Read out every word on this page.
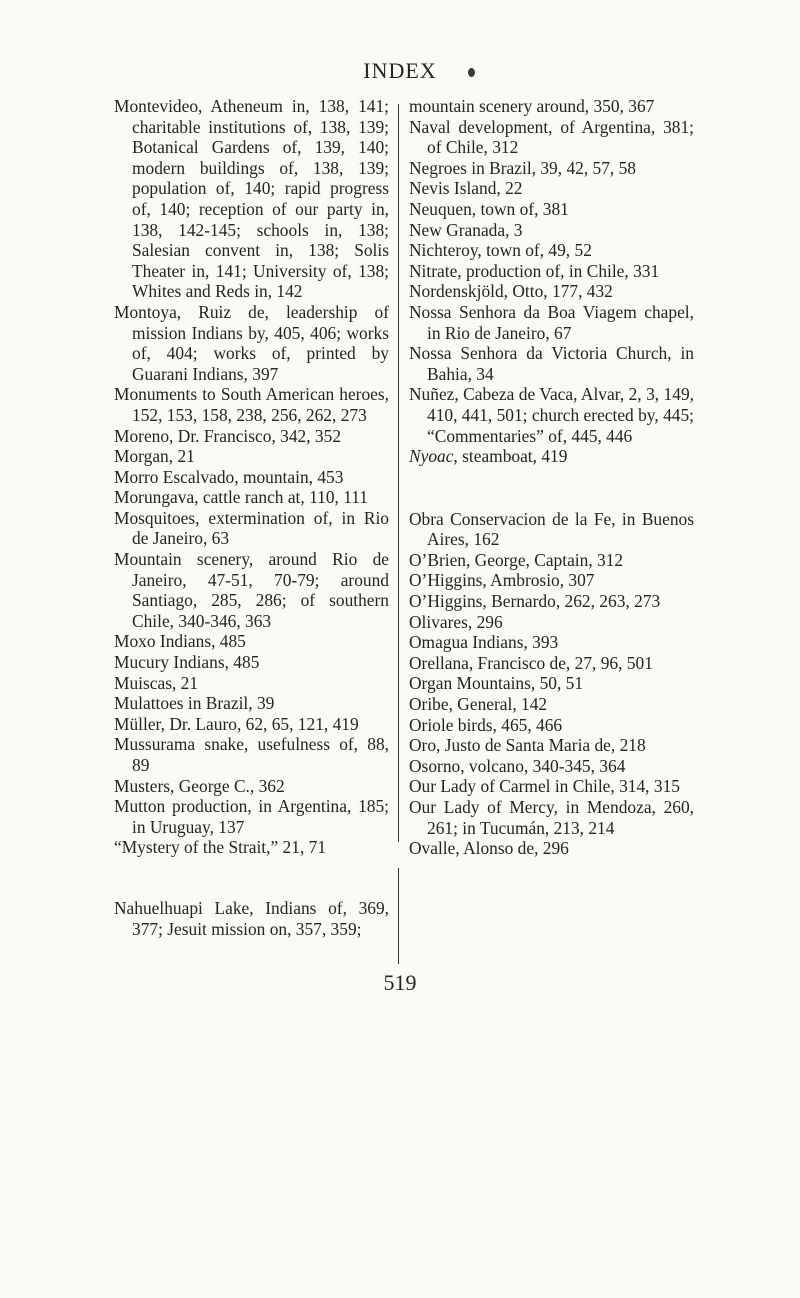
INDEX

Montevideo, Atheneum in, 138, 141; charitable institutions of, 138, 139; Botanical Gardens of, 139, 140; modern buildings of, 138, 139; population of, 140; rapid progress of, 140; reception of our party in, 138, 142-145; schools in, 138; Salesian convent in, 138; Solis Theater in, 141; University of, 138; Whites and Reds in, 142

Montoya, Ruiz de, leadership of mission Indians by, 405, 406; works of, 404; works of, printed by Guarani Indians, 397

Monuments to South American heroes, 152, 153, 158, 238, 256, 262, 273

Moreno, Dr. Francisco, 342, 352

Morgan, 21

Morro Escalvado, mountain, 453

Morungava, cattle ranch at, 110, 111

Mosquitoes, extermination of, in Rio de Janeiro, 63

Mountain scenery, around Rio de Janeiro, 47-51, 70-79; around Santiago, 285, 286; of southern Chile, 340-346, 363

Moxo Indians, 485

Mucury Indians, 485

Muiscas, 21

Mulattoes in Brazil, 39

Müller, Dr. Lauro, 62, 65, 121, 419

Mussurama snake, usefulness of, 88, 89

Musters, George C., 362

Mutton production, in Argentina, 185; in Uruguay, 137

“Mystery of the Strait,” 21, 71

Nahuelhuapi Lake, Indians of, 369, 377; Jesuit mission on, 357, 359;

mountain scenery around, 350, 367

Naval development, of Argentina, 381; of Chile, 312

Negroes in Brazil, 39, 42, 57, 58

Nevis Island, 22

Neuquen, town of, 381

New Granada, 3

Nichteroy, town of, 49, 52

Nitrate, production of, in Chile, 331

Nordenskjöld, Otto, 177, 432

Nossa Senhora da Boa Viagem chapel, in Rio de Janeiro, 67

Nossa Senhora da Victoria Church, in Bahia, 34

Nuñez, Cabeza de Vaca, Alvar, 2, 3, 149, 410, 441, 501; church erected by, 445; “Commentaries” of, 445, 446

Nyoac, steamboat, 419

Obra Conservacion de la Fe, in Buenos Aires, 162

O’Brien, George, Captain, 312

O’Higgins, Ambrosio, 307

O’Higgins, Bernardo, 262, 263, 273

Olivares, 296

Omagua Indians, 393

Orellana, Francisco de, 27, 96, 501

Organ Mountains, 50, 51

Oribe, General, 142

Oriole birds, 465, 466

Oro, Justo de Santa Maria de, 218

Osorno, volcano, 340-345, 364

Our Lady of Carmel in Chile, 314, 315

Our Lady of Mercy, in Mendoza, 260, 261; in Tucumán, 213, 214

Ovalle, Alonso de, 296

519
